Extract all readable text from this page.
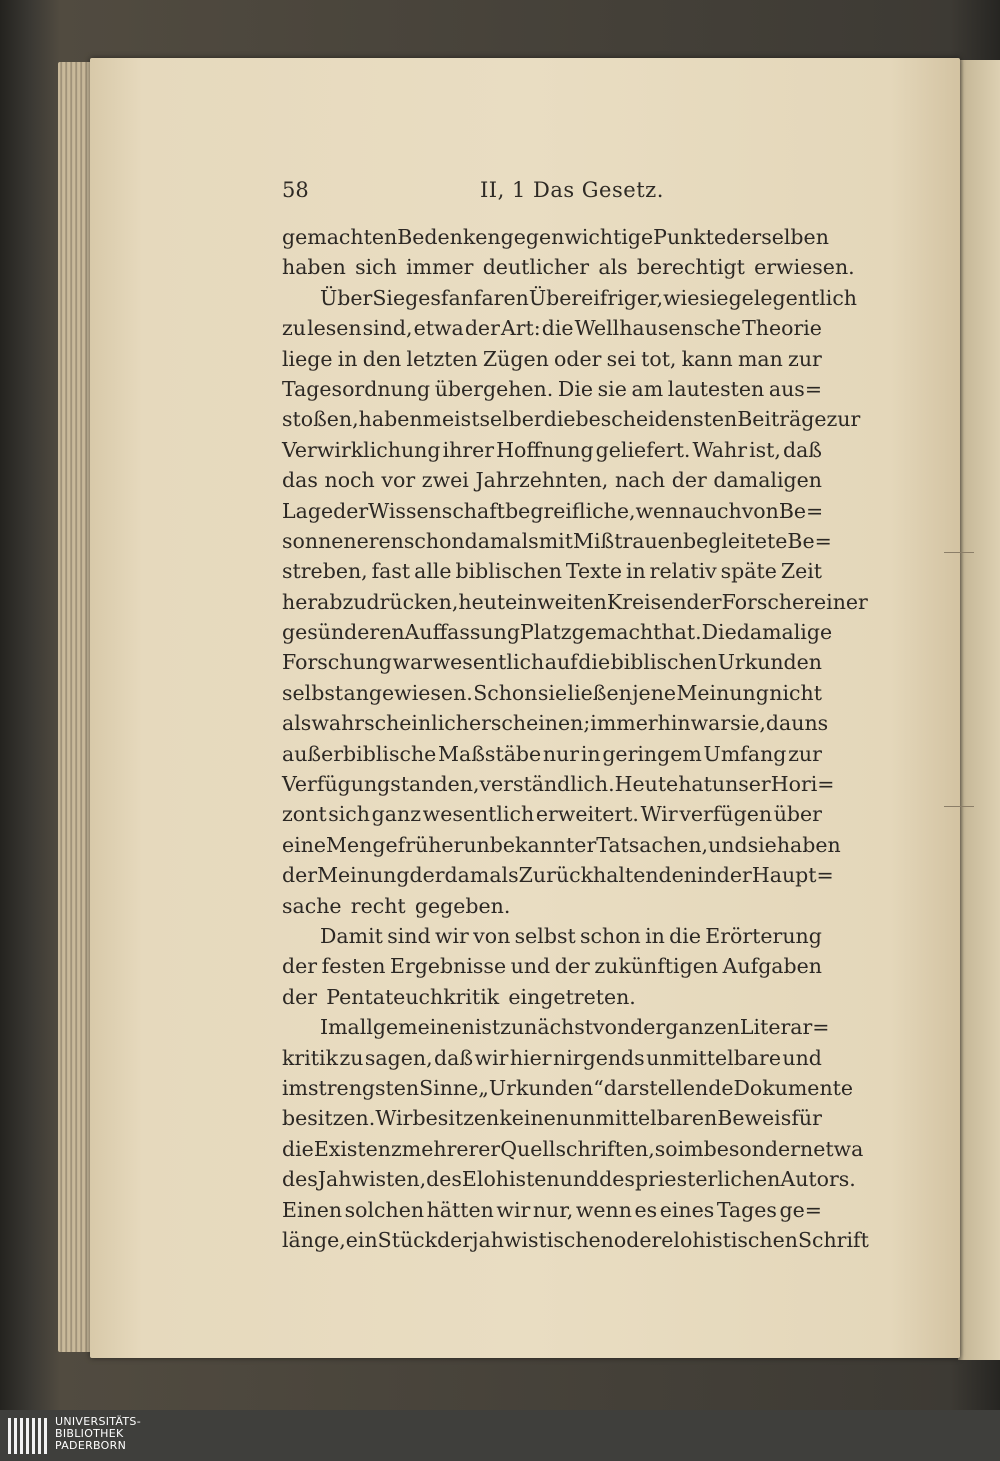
58	II, 1 Das Gesetz.
gemachten Bedenken gegen wichtige Punkte derselben
haben sich immer deutlicher als berechtigt erwiesen.
Über Siegesfanfaren Übereifriger, wie sie gelegentlich
zu lesen sind, etwa der Art: die Wellhausensche Theorie
liege in den letzten Zügen oder sei tot, kann man zur
Tagesordnung übergehen. Die sie am lautesten aus=
stoßen, haben meist selber die bescheidensten Beiträge zur
Verwirklichung ihrer Hoffnung geliefert. Wahr ist, daß
das noch vor zwei Jahrzehnten, nach der damaligen
Lage der Wissenschaft begreifliche, wenn auch von Be=
sonneneren schon damals mit Mißtrauen begleitete Be=
streben, fast alle biblischen Texte in relativ späte Zeit
herabzudrücken, heute in weiten Kreisen der Forscher einer
gesünderen Auffassung Platz gemacht hat. Die damalige
Forschung war wesentlich auf die biblischen Urkunden
selbst angewiesen. Schon sie ließen jene Meinung nicht
als wahrscheinlich erscheinen; immerhin war sie, da uns
außerbiblische Maßstäbe nur in geringem Umfang zur
Verfügung standen, verständlich. Heute hat unser Hori=
zont sich ganz wesentlich erweitert. Wir verfügen über
eine Menge früher unbekannter Tatsachen, und sie haben
der Meinung der damals Zurückhaltenden in der Haupt=
sache recht gegeben.
Damit sind wir von selbst schon in die Erörterung
der festen Ergebnisse und der zukünftigen Aufgaben
der Pentateuchkritik eingetreten.
Im allgemeinen ist zunächst von der ganzen Literar=
kritik zu sagen, daß wir hier nirgends unmittelbare und
im strengsten Sinne „Urkunden“ darstellende Dokumente
besitzen. Wir besitzen keinen unmittelbaren Beweis für
die Existenz mehrerer Quellschriften, so im besondern etwa
des Jahwisten, des Elohisten und des priesterlichen Autors.
Einen solchen hätten wir nur, wenn es eines Tages ge=
länge, ein Stück der jahwistischen oder elohistischen Schrift
UNIVERSITÄTS-
BIBLIOTHEK
PADERBORN
